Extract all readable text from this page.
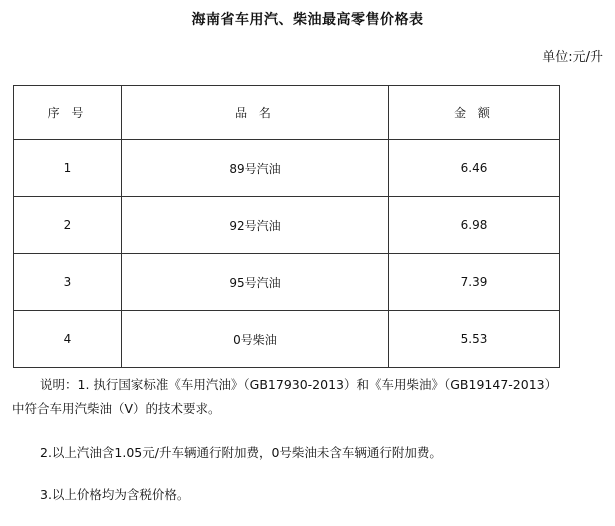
海南省车用汽、柴油最高零售价格表
单位:元/升
序 号	品 名	金 额
1	89号汽油	6.46
2	92号汽油	6.98
3	95号汽油	7.39
4	0号柴油	5.53

说明：1. 执行国家标准《车用汽油》（GB17930-2013）和《车用柴油》（GB19147-2013）中符合车用汽柴油（V）的技术要求。

2.以上汽油含1.05元/升车辆通行附加费，0号柴油未含车辆通行附加费。

3.以上价格均为含税价格。
